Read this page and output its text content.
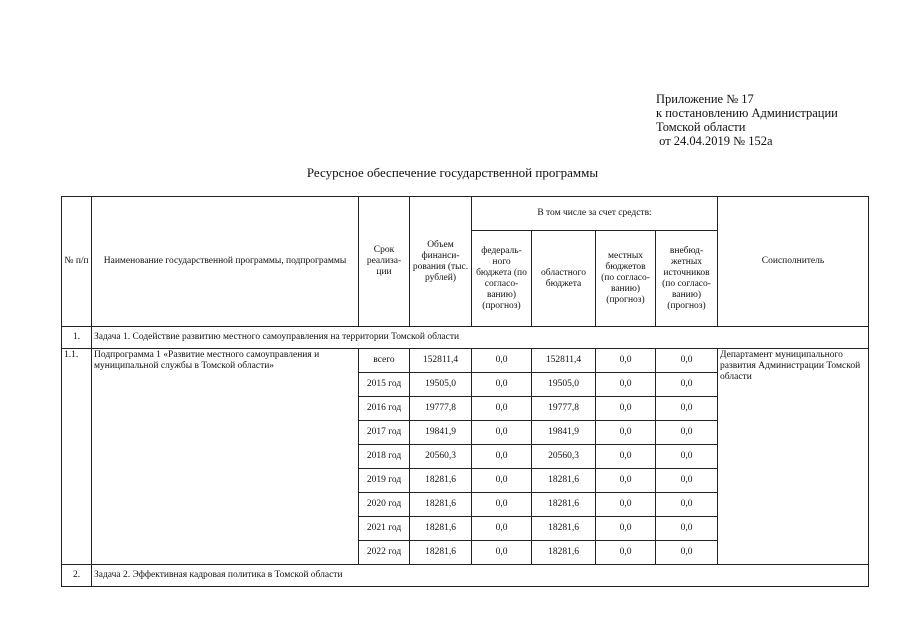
Приложение № 17
к постановлению Администрации
Томской области
от 24.04.2019 № 152а
Ресурсное обеспечение государственной программы
№ п/п	Наименование государственной программы, подпрограммы	Срок реализа-ции	Объем финанси-рования (тыс. рублей)	В том числе за счет средств:				Соисполнитель
				федераль-ного бюджета (по согласо-ванию) (прогноз)	областного бюджета	местных бюджетов (по согласо-ванию) (прогноз)	внебюд-жетных источников (по согласо-ванию) (прогноз)	
1.	Задача 1. Содействие развитию местного самоуправления на территории Томской области							
1.1.	Подпрограмма 1 «Развитие местного самоуправления и муниципальной службы в Томской области»	всего	152811,4	0,0	152811,4	0,0	0,0	Департамент муниципального развития Администрации Томской области
		2015 год	19505,0	0,0	19505,0	0,0	0,0	
		2016 год	19777,8	0,0	19777,8	0,0	0,0	
		2017 год	19841,9	0,0	19841,9	0,0	0,0	
		2018 год	20560,3	0,0	20560,3	0,0	0,0	
		2019 год	18281,6	0,0	18281,6	0,0	0,0	
		2020 год	18281,6	0,0	18281,6	0,0	0,0	
		2021 год	18281,6	0,0	18281,6	0,0	0,0	
		2022 год	18281,6	0,0	18281,6	0,0	0,0	
2.	Задача 2. Эффективная кадровая политика в Томской области							
